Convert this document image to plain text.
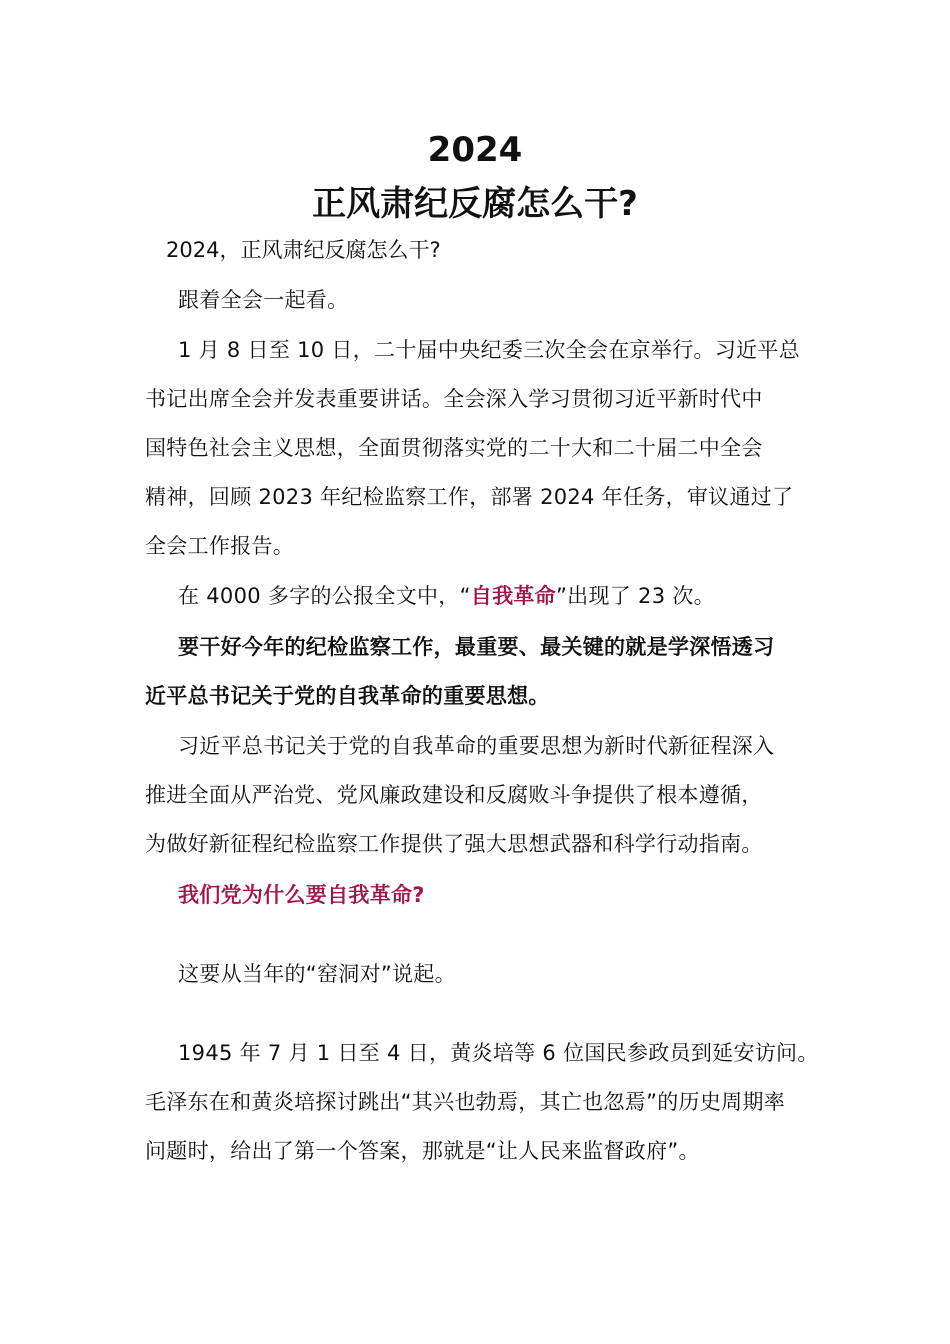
2024
正风肃纪反腐怎么干?

2024，正风肃纪反腐怎么干?

跟着全会一起看。

1 月 8 日至 10 日，二十届中央纪委三次全会在京举行。习近平总

书记出席全会并发表重要讲话。全会深入学习贯彻习近平新时代中

国特色社会主义思想，全面贯彻落实党的二十大和二十届二中全会

精神，回顾 2023 年纪检监察工作，部署 2024 年任务，审议通过了

全会工作报告。

在 4000 多字的公报全文中，“自我革命”出现了 23 次。

要干好今年的纪检监察工作，最重要、最关键的就是学深悟透习

近平总书记关于党的自我革命的重要思想。

习近平总书记关于党的自我革命的重要思想为新时代新征程深入

推进全面从严治党、党风廉政建设和反腐败斗争提供了根本遵循，

为做好新征程纪检监察工作提供了强大思想武器和科学行动指南。

我们党为什么要自我革命?

这要从当年的“窑洞对”说起。

1945 年 7 月 1 日至 4 日，黄炎培等 6 位国民参政员到延安访问。

毛泽东在和黄炎培探讨跳出“其兴也勃焉，其亡也忽焉”的历史周期率

问题时，给出了第一个答案，那就是“让人民来监督政府”。
